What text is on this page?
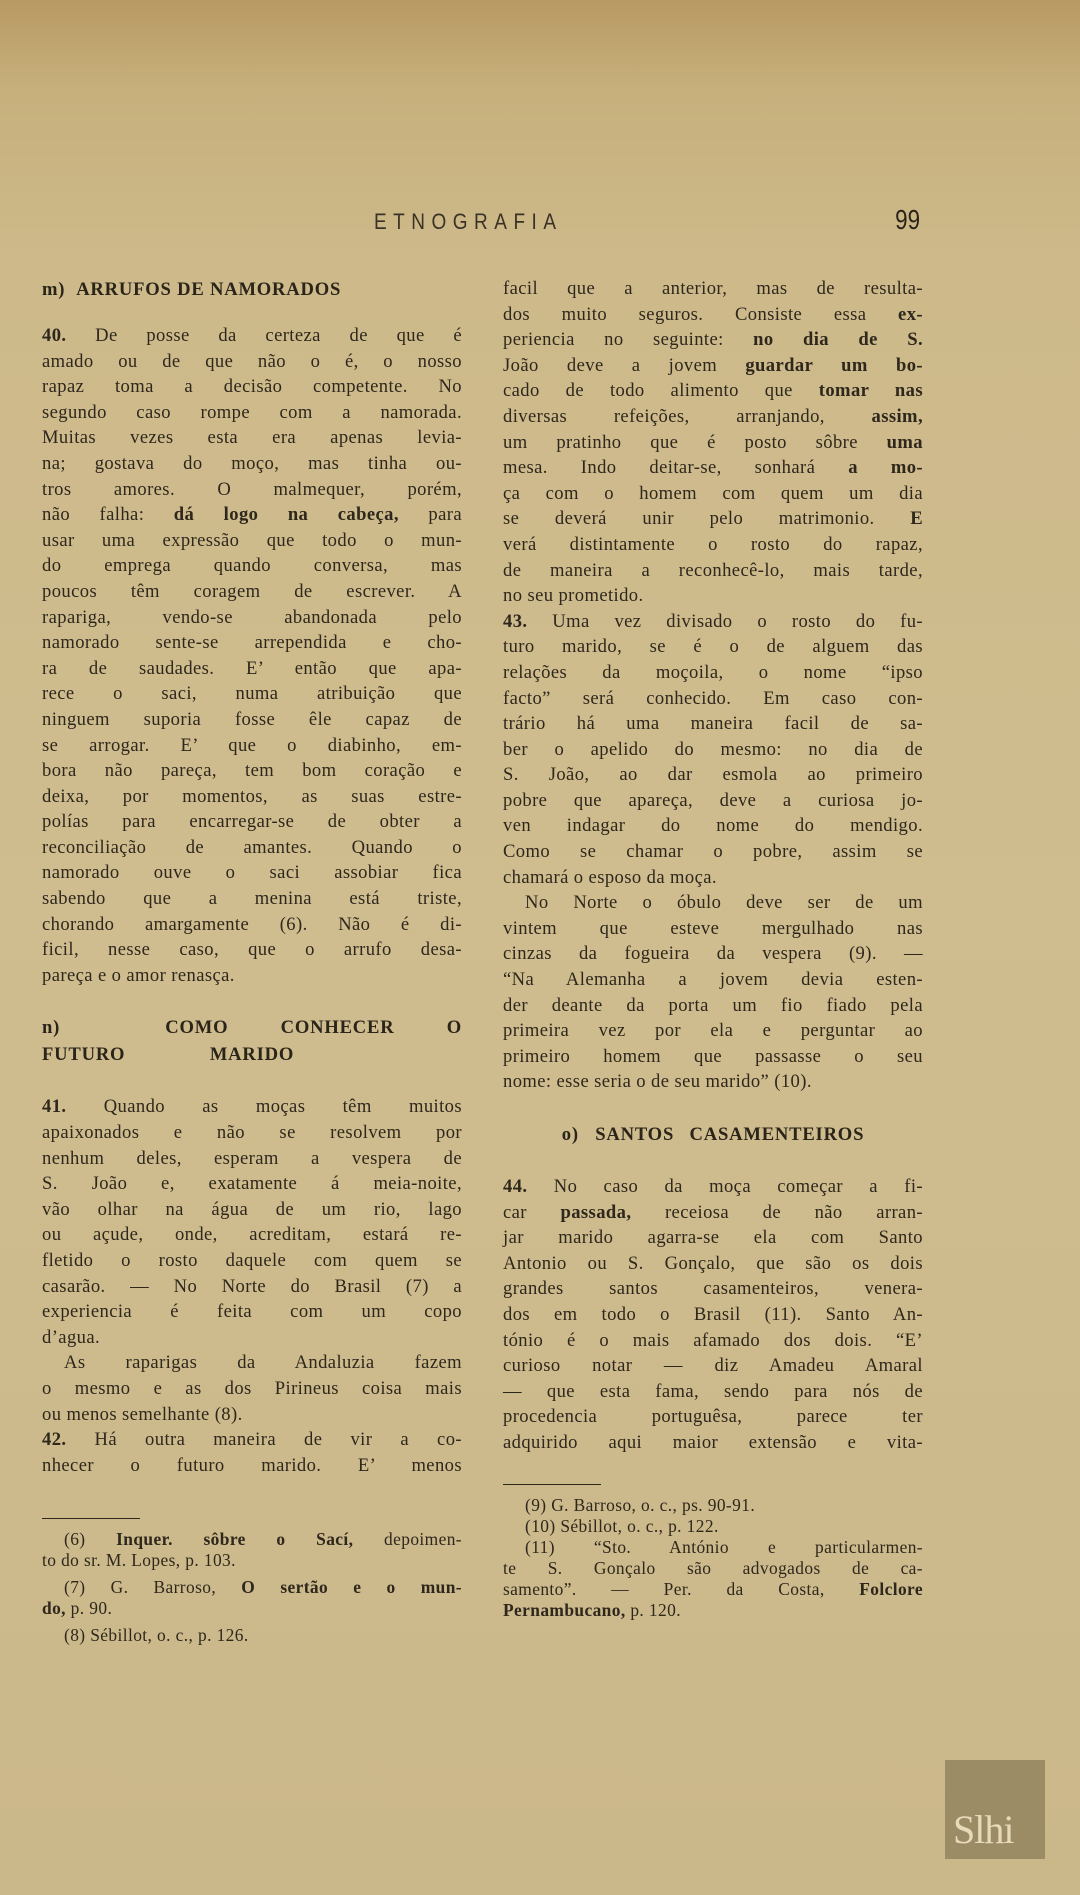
ETNOGRAFIA	99
m) ARRUFOS DE NAMORADOS
40. De posse da certeza de que é
amado ou de que não o é, o nosso
rapaz toma a decisão competente. No
segundo caso rompe com a namorada.
Muitas vezes esta era apenas levia-
na; gostava do moço, mas tinha ou-
tros amores. O malmequer, porém,
não falha: dá logo na cabeça, para
usar uma expressão que todo o mun-
do emprega quando conversa, mas
poucos têm coragem de escrever. A
rapariga, vendo-se abandonada pelo
namorado sente-se arrependida e cho-
ra de saudades. E’ então que apa-
rece o saci, numa atribuição que
ninguem suporia fosse êle capaz de
se arrogar. E’ que o diabinho, em-
bora não pareça, tem bom coração e
deixa, por momentos, as suas estre-
polías para encarregar-se de obter a
reconciliação de amantes. Quando o
namorado ouve o saci assobiar fica
sabendo que a menina está triste,
chorando amargamente (6). Não é di-
ficil, nesse caso, que o arrufo desa-
pareça e o amor renasça.
n)	COMO CONHECER O FUTURO	MARIDO
41. Quando as moças têm muitos
apaixonados e não se resolvem por
nenhum deles, esperam a vespera de
S. João e, exatamente á meia-noite,
vão olhar na água de um rio, lago
ou açude, onde, acreditam, estará re-
fletido o rosto daquele com quem se
casarão. — No Norte do Brasil (7) a
experiencia é feita com um copo
d’agua.
As raparigas da Andaluzia fazem
o mesmo e as dos Pirineus coisa mais
ou menos semelhante (8).
42. Há outra maneira de vir a co-
nhecer o futuro marido. E’ menos
(6) Inquer. sôbre o Sací, depoimen-
to do sr. M. Lopes, p. 103.
(7) G. Barroso, O sertão e o mun-
do, p. 90.
(8) Sébillot, o. c., p. 126.
facil que a anterior, mas de resulta-
dos muito seguros. Consiste essa ex-
periencia no seguinte: no dia de S.
João deve a jovem guardar um bo-
cado de todo alimento que tomar nas
diversas refeições, arranjando, assim,
um pratinho que é posto sôbre uma
mesa. Indo deitar-se, sonhará a mo-
ça com o homem com quem um dia
se deverá unir pelo matrimonio. E
verá distintamente o rosto do rapaz,
de maneira a reconhecê-lo, mais tarde,
no seu prometido.
43. Uma vez divisado o rosto do fu-
turo marido, se é o de alguem das
relações da moçoila, o nome “ipso
facto” será conhecido. Em caso con-
trário há uma maneira facil de sa-
ber o apelido do mesmo: no dia de
S. João, ao dar esmola ao primeiro
pobre que apareça, deve a curiosa jo-
ven indagar do nome do mendigo.
Como se chamar o pobre, assim se
chamará o esposo da moça.
No Norte o óbulo deve ser de um
vintem que esteve mergulhado nas
cinzas da fogueira da vespera (9). —
“Na Alemanha a jovem devia esten-
der deante da porta um fio fiado pela
primeira vez por ela e perguntar ao
primeiro homem que passasse o seu
nome: esse seria o de seu marido” (10).
o) SANTOS CASAMENTEIROS
44. No caso da moça começar a fi-
car passada, receiosa de não arran-
jar marido agarra-se ela com Santo
Antonio ou S. Gonçalo, que são os dois
grandes santos casamenteiros, venera-
dos em todo o Brasil (11). Santo An-
tónio é o mais afamado dos dois. “E’
curioso notar — diz Amadeu Amaral
— que esta fama, sendo para nós de
procedencia portuguêsa, parece ter
adquirido aqui maior extensão e vita-
(9) G. Barroso, o. c., ps. 90-91.
(10) Sébillot, o. c., p. 122.
(11) “Sto. António e particularmen-
te S. Gonçalo são advogados de ca-
samento”. — Per. da Costa, Folclore
Pernambucano, p. 120.
Slhi
